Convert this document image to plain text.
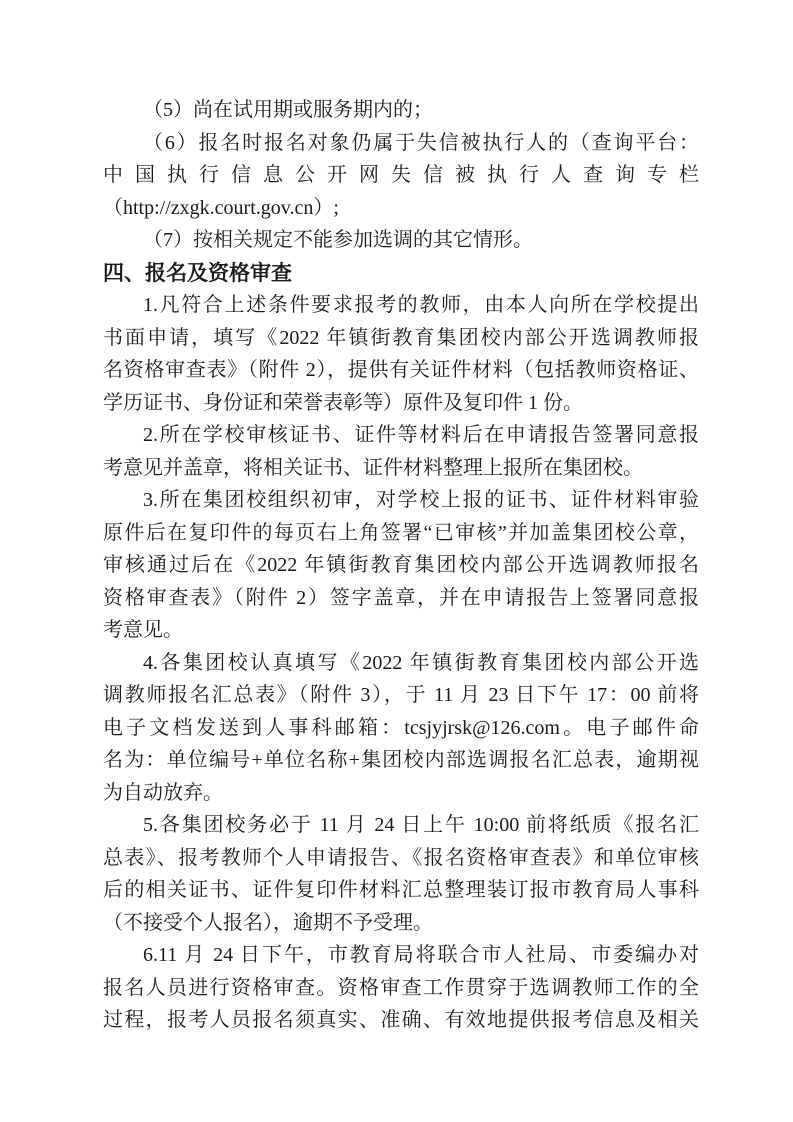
（5）尚在试用期或服务期内的；
（6）报名时报名对象仍属于失信被执行人的（查询平台：
中国执行信息公开网失信被执行人查询专栏
（http://zxgk.court.gov.cn）;
（7）按相关规定不能参加选调的其它情形。
四、报名及资格审查
1.凡符合上述条件要求报考的教师，由本人向所在学校提出
书面申请，填写《2022 年镇街教育集团校内部公开选调教师报
名资格审查表》（附件 2），提供有关证件材料（包括教师资格证、
学历证书、身份证和荣誉表彰等）原件及复印件 1 份。
2.所在学校审核证书、证件等材料后在申请报告签署同意报
考意见并盖章，将相关证书、证件材料整理上报所在集团校。
3.所在集团校组织初审，对学校上报的证书、证件材料审验
原件后在复印件的每页右上角签署“已审核”并加盖集团校公章，
审核通过后在《2022 年镇街教育集团校内部公开选调教师报名
资格审查表》（附件 2）签字盖章，并在申请报告上签署同意报
考意见。
4.各集团校认真填写《2022 年镇街教育集团校内部公开选
调教师报名汇总表》（附件 3），于 11 月 23 日下午 17：00 前将
电子文档发送到人事科邮箱：tcsjyjrsk@126.com。电子邮件命
名为：单位编号+单位名称+集团校内部选调报名汇总表，逾期视
为自动放弃。
5.各集团校务必于 11 月 24 日上午 10:00 前将纸质《报名汇
总表》、报考教师个人申请报告、《报名资格审查表》和单位审核
后的相关证书、证件复印件材料汇总整理装订报市教育局人事科
（不接受个人报名），逾期不予受理。
6.11 月 24 日下午，市教育局将联合市人社局、市委编办对
报名人员进行资格审查。资格审查工作贯穿于选调教师工作的全
过程，报考人员报名须真实、准确、有效地提供报考信息及相关
